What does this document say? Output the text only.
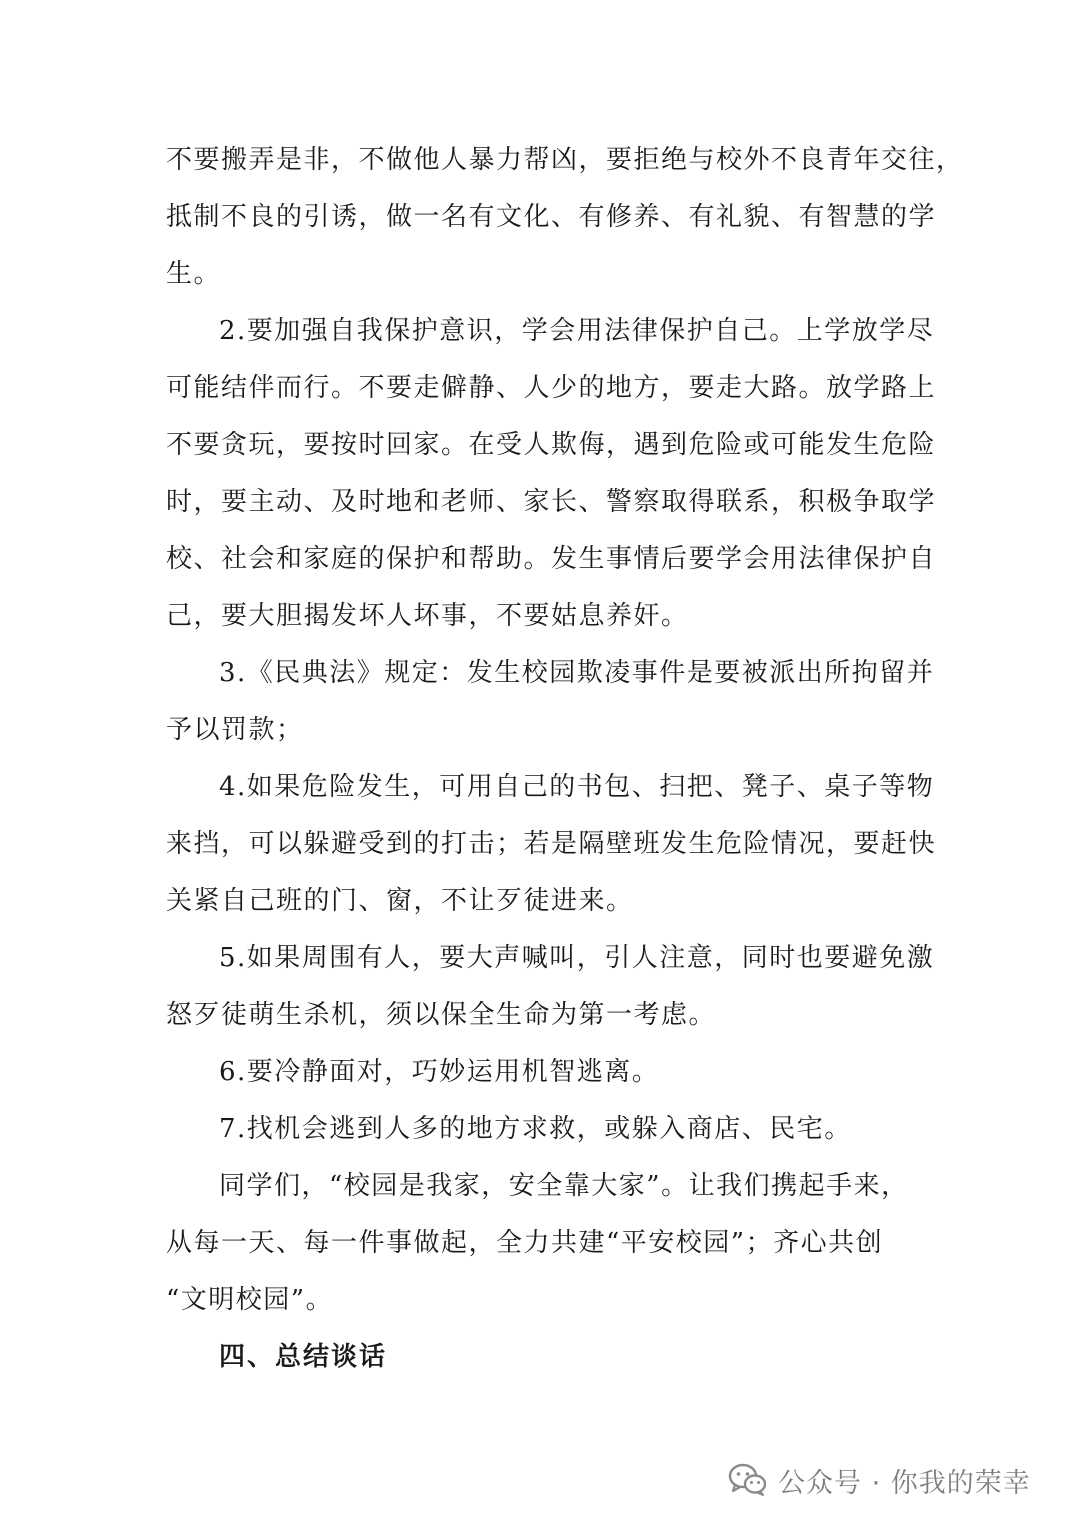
不要搬弄是非，不做他人暴力帮凶，要拒绝与校外不良青年交往，
抵制不良的引诱，做一名有文化、有修养、有礼貌、有智慧的学
生。
2.要加强自我保护意识，学会用法律保护自己。上学放学尽
可能结伴而行。不要走僻静、人少的地方，要走大路。放学路上
不要贪玩，要按时回家。在受人欺侮，遇到危险或可能发生危险
时，要主动、及时地和老师、家长、警察取得联系，积极争取学
校、社会和家庭的保护和帮助。发生事情后要学会用法律保护自
己，要大胆揭发坏人坏事，不要姑息养奸。
3.《民典法》规定：发生校园欺凌事件是要被派出所拘留并
予以罚款；
4.如果危险发生，可用自己的书包、扫把、凳子、桌子等物
来挡，可以躲避受到的打击；若是隔壁班发生危险情况，要赶快
关紧自己班的门、窗，不让歹徒进来。
5.如果周围有人，要大声喊叫，引人注意，同时也要避免激
怒歹徒萌生杀机，须以保全生命为第一考虑。
6.要冷静面对，巧妙运用机智逃离。
7.找机会逃到人多的地方求救，或躲入商店、民宅。
同学们，“校园是我家，安全靠大家”。让我们携起手来，
从每一天、每一件事做起，全力共建“平安校园”；齐心共创
“文明校园”。
四、总结谈话
公众号 · 你我的荣幸
